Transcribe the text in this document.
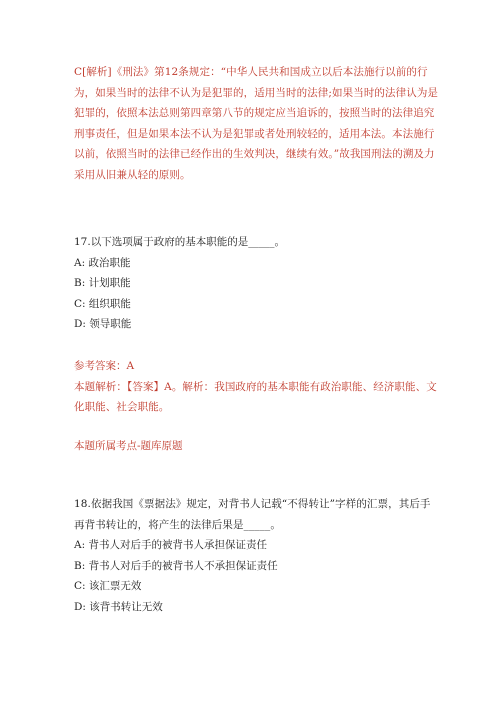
C[解析]《刑法》第12条规定：“中华人民共和国成立以后本法施行以前的行为，如果当时的法律不认为是犯罪的，适用当时的法律;如果当时的法律认为是犯罪的，依照本法总则第四章第八节的规定应当追诉的，按照当时的法律追究刑事责任，但是如果本法不认为是犯罪或者处刑较轻的，适用本法。本法施行以前，依照当时的法律已经作出的生效判决，继续有效。”故我国刑法的溯及力采用从旧兼从轻的原则。

17.以下选项属于政府的基本职能的是_____。

A: 政治职能

B: 计划职能

C: 组织职能

D: 领导职能

参考答案：A

本题解析：【答案】A。解析：我国政府的基本职能有政治职能、经济职能、文化职能、社会职能。

本题所属考点-题库原题

18.依据我国《票据法》规定，对背书人记载“不得转让”字样的汇票，其后手再背书转让的，将产生的法律后果是_____。

A: 背书人对后手的被背书人承担保证责任

B: 背书人对后手的被背书人不承担保证责任

C: 该汇票无效

D: 该背书转让无效
